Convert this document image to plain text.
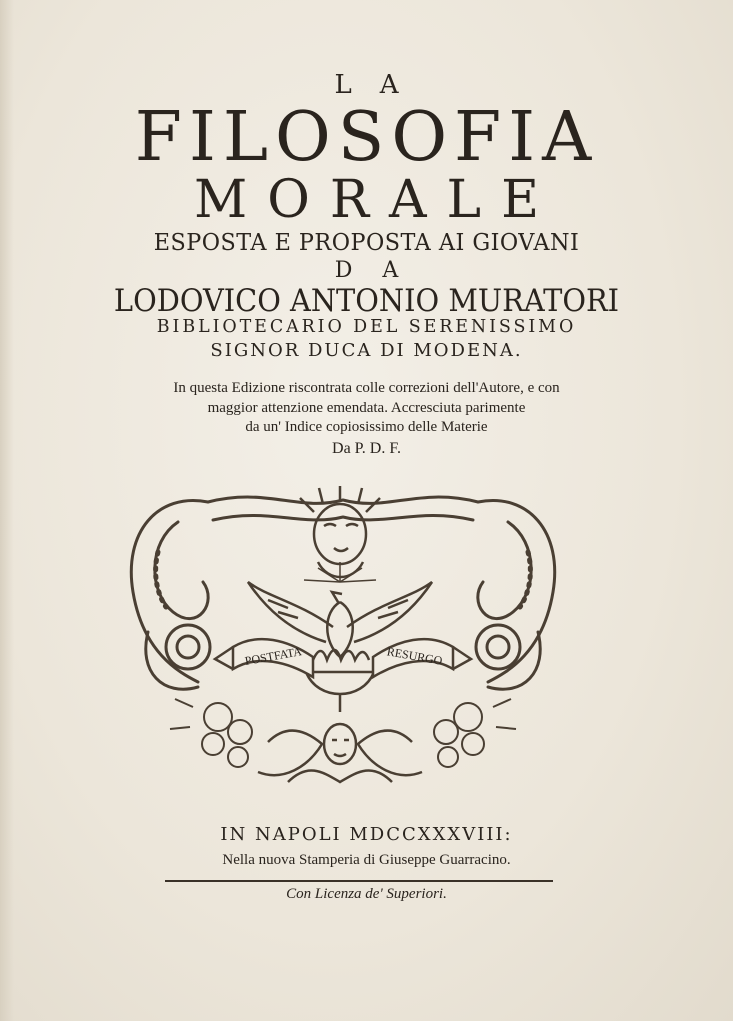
LA
FILOSOFIA
MORALE
ESPOSTA E PROPOSTA AI GIOVANI
DA
LODOVICO ANTONIO MURATORI
BIBLIOTECARIO DEL SERENISSIMO
SIGNOR DUCA DI MODENA.
In questa Edizione riscontrata colle correzioni dell'Autore, e con
maggior attenzione emendata. Accresciuta parimente
da un' Indice copiosissimo delle Materie
Da P. D. F.
POSTFATA	RESURGO
IN NAPOLI MDCCXXXVIII:
Nella nuova Stamperia di Giuseppe Guarracino.
Con Licenza de' Superiori.
